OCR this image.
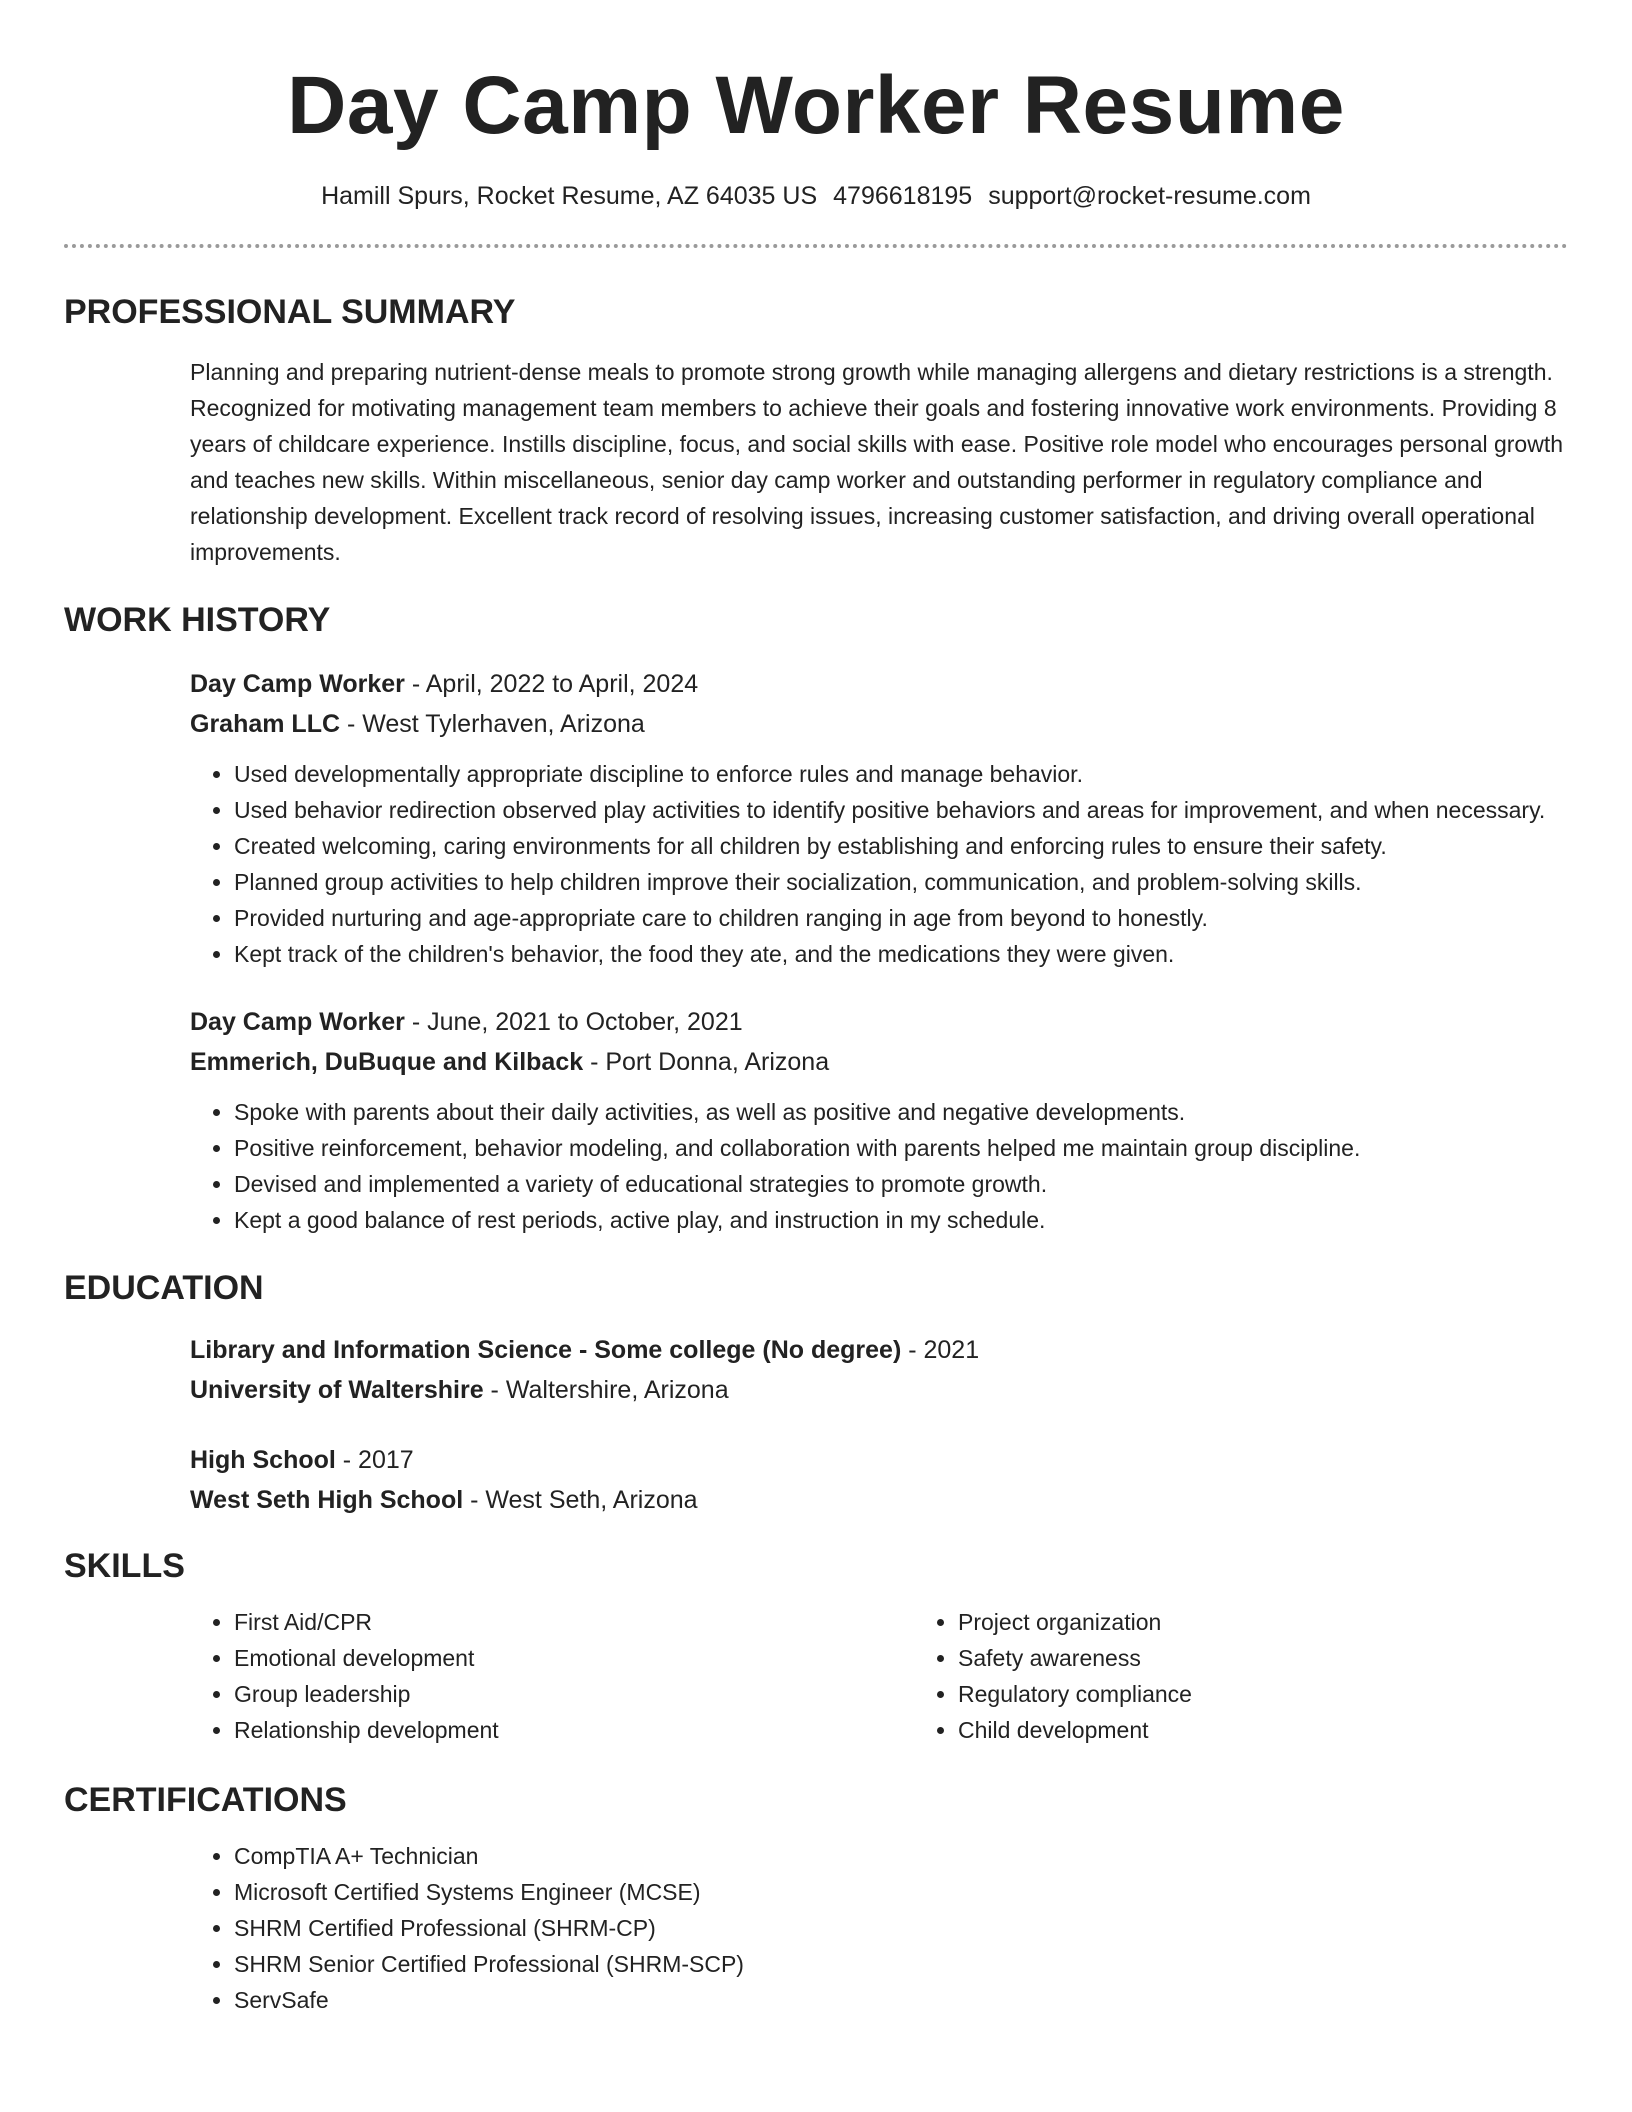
Day Camp Worker Resume
Hamill Spurs, Rocket Resume, AZ 64035 US 4796618195 support@rocket-resume.com
PROFESSIONAL SUMMARY
Planning and preparing nutrient-dense meals to promote strong growth while managing allergens and dietary restrictions is a strength. Recognized for motivating management team members to achieve their goals and fostering innovative work environments. Providing 8 years of childcare experience. Instills discipline, focus, and social skills with ease. Positive role model who encourages personal growth and teaches new skills. Within miscellaneous, senior day camp worker and outstanding performer in regulatory compliance and relationship development. Excellent track record of resolving issues, increasing customer satisfaction, and driving overall operational improvements.
WORK HISTORY
Day Camp Worker - April, 2022 to April, 2024
Graham LLC - West Tylerhaven, Arizona
• Used developmentally appropriate discipline to enforce rules and manage behavior.
• Used behavior redirection observed play activities to identify positive behaviors and areas for improvement, and when necessary.
• Created welcoming, caring environments for all children by establishing and enforcing rules to ensure their safety.
• Planned group activities to help children improve their socialization, communication, and problem-solving skills.
• Provided nurturing and age-appropriate care to children ranging in age from beyond to honestly.
• Kept track of the children's behavior, the food they ate, and the medications they were given.
Day Camp Worker - June, 2021 to October, 2021
Emmerich, DuBuque and Kilback - Port Donna, Arizona
• Spoke with parents about their daily activities, as well as positive and negative developments.
• Positive reinforcement, behavior modeling, and collaboration with parents helped me maintain group discipline.
• Devised and implemented a variety of educational strategies to promote growth.
• Kept a good balance of rest periods, active play, and instruction in my schedule.
EDUCATION
Library and Information Science - Some college (No degree) - 2021
University of Waltershire - Waltershire, Arizona
High School - 2017
West Seth High School - West Seth, Arizona
SKILLS
• First Aid/CPR
• Emotional development
• Group leadership
• Relationship development
• Project organization
• Safety awareness
• Regulatory compliance
• Child development
CERTIFICATIONS
• CompTIA A+ Technician
• Microsoft Certified Systems Engineer (MCSE)
• SHRM Certified Professional (SHRM-CP)
• SHRM Senior Certified Professional (SHRM-SCP)
• ServSafe
